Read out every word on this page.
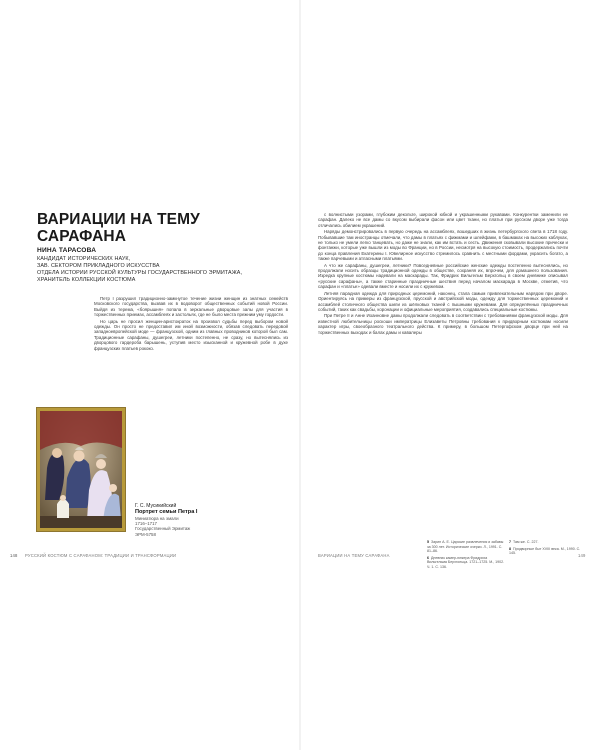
ВАРИАЦИИ НА ТЕМУ САРАФАНА
НИНА ТАРАСОВА
КАНДИДАТ ИСТОРИЧЕСКИХ НАУК,
ЗАВ. СЕКТОРОМ ПРИКЛАДНОГО ИСКУССТВА
ОТДЕЛА ИСТОРИИ РУССКОЙ КУЛЬТУРЫ ГОСУДАРСТВЕННОГО ЭРМИТАЖА,
ХРАНИТЕЛЬ КОЛЛЕКЦИИ КОСТЮМА

Петр I разрушил традиционно-замкнутое течение жизни женщин из знатных семейств Московского государства, вызвав их в водоворот общественных событий новой России. Выйдя из терема, «боярышня» попала в зеркальные дворцовые залы для участия в торжественных приемах, ассамблеях и застольях, где не было места прежним уму гордости.

Но царь не просил женщин-аристократок на произвол судьбы перед выбором новой одежды. Он просто не предоставил им иной возможности, обязав следовать передовой западноевропейской моде — французской, одним из главных проводников которой был сам. Традиционные сарафаны, душегреи, летники постепенно, не сразу, но вытеснялись из дворцового гардероба барышень, уступив место изысканной и кружевной робе в духе французских платьев рококо.

Г. С. Мусикийский
Портрет семьи Петра I
Миниатюра на эмали
1716–1717
Государственный Эрмитаж
ЭРМ-5758
148 РУССКИЙ КОСТЮМ С САРАФАНОМ: ТРАДИЦИИ И ТРАНСФОРМАЦИИ

с волнистыми узорами, глубоким декольте, широкой юбкой и украшенными рукавами. Конкурентки заменили не сарафан. Далеко не все дамы со вкусом выбирали фасон или цвет ткани, но платья при русском дворе уже тогда отличались обилием украшений.

Наряды демонстрировались в первую очередь на ассамблеях, вошедших в жизнь петербургского света в 1718 году. Побывавшие там иностранцы отмечали, что дамы в платьях с фижмами и шлейфами, в башмаках на высоких каблуках, не только не умели легко танцевать, но даже не знали, как им встать и сесть. Движения сковывали высокие прически и фонтанжи, которые уже вышли из моды во Франции, но в России, несмотря на высокую стоимость, продержались почти до конца правления Екатерины I. Ювелирное искусство стремилось сравнить с местными фордами, украсить богато, а также парчевыми и атласными платьями.

А что же сарафаны, душегреи, летники? Повседневные российские женские одежды постепенно вытеснялись, но продолжали носить образцы традиционной одежды в обществе, сохраняя их, впрочем, для домашнего пользования. Изредка крупные костюмы надевали на маскарады. Так, Фридрих Вильгельм Берхгольц в своем дневнике описывал «русские сарафаны», а также старинные праздничные шествия перед началом маскарада в Москве, отметив, что сарафан и «платье» одевали вместе и носили их с кружевом.

Летняя парадная одежда для природных церемоний, наконец, стала самым привлекательным нарядом при дворе. Ориентируясь на примеры из французской, прусской и австрийской моды, одежду для торжественных церемоний и ассамблей столичного общества шили из шёлковых тканей с пышными кружевами. Для определённых праздничных событий, таких как свадьбы, коронации и официальные мероприятия, создавались специальные костюмы.

При Петре II и Анне Иоанновне дамы продолжали следовать в соответствии с требованиями французской моды. Для известной любительницы роскоши императрицы Елизаветы Петровны требования к придворным костюмам носили характер игры, своеобразного театрального действа. К примеру, в большом Петергофском дворце при ней на торжественных выходах и балах дамы и кавалеры

5 Зарин А. Е. Царские развлечения и забавы за 300 лет. Исторические очерки. Л., 1991. С. 81–86.
6 Дневник камер-юнкера Фридриха Вильгельма Берхгольца. 1721–1725. М., 1902. Ч. 1. С. 136.
7 Там же. С. 227.
8 Придворные быт XVIII века. М., 1990. С. 145.
ВАРИАЦИИ НА ТЕМУ САРАФАНА	149
